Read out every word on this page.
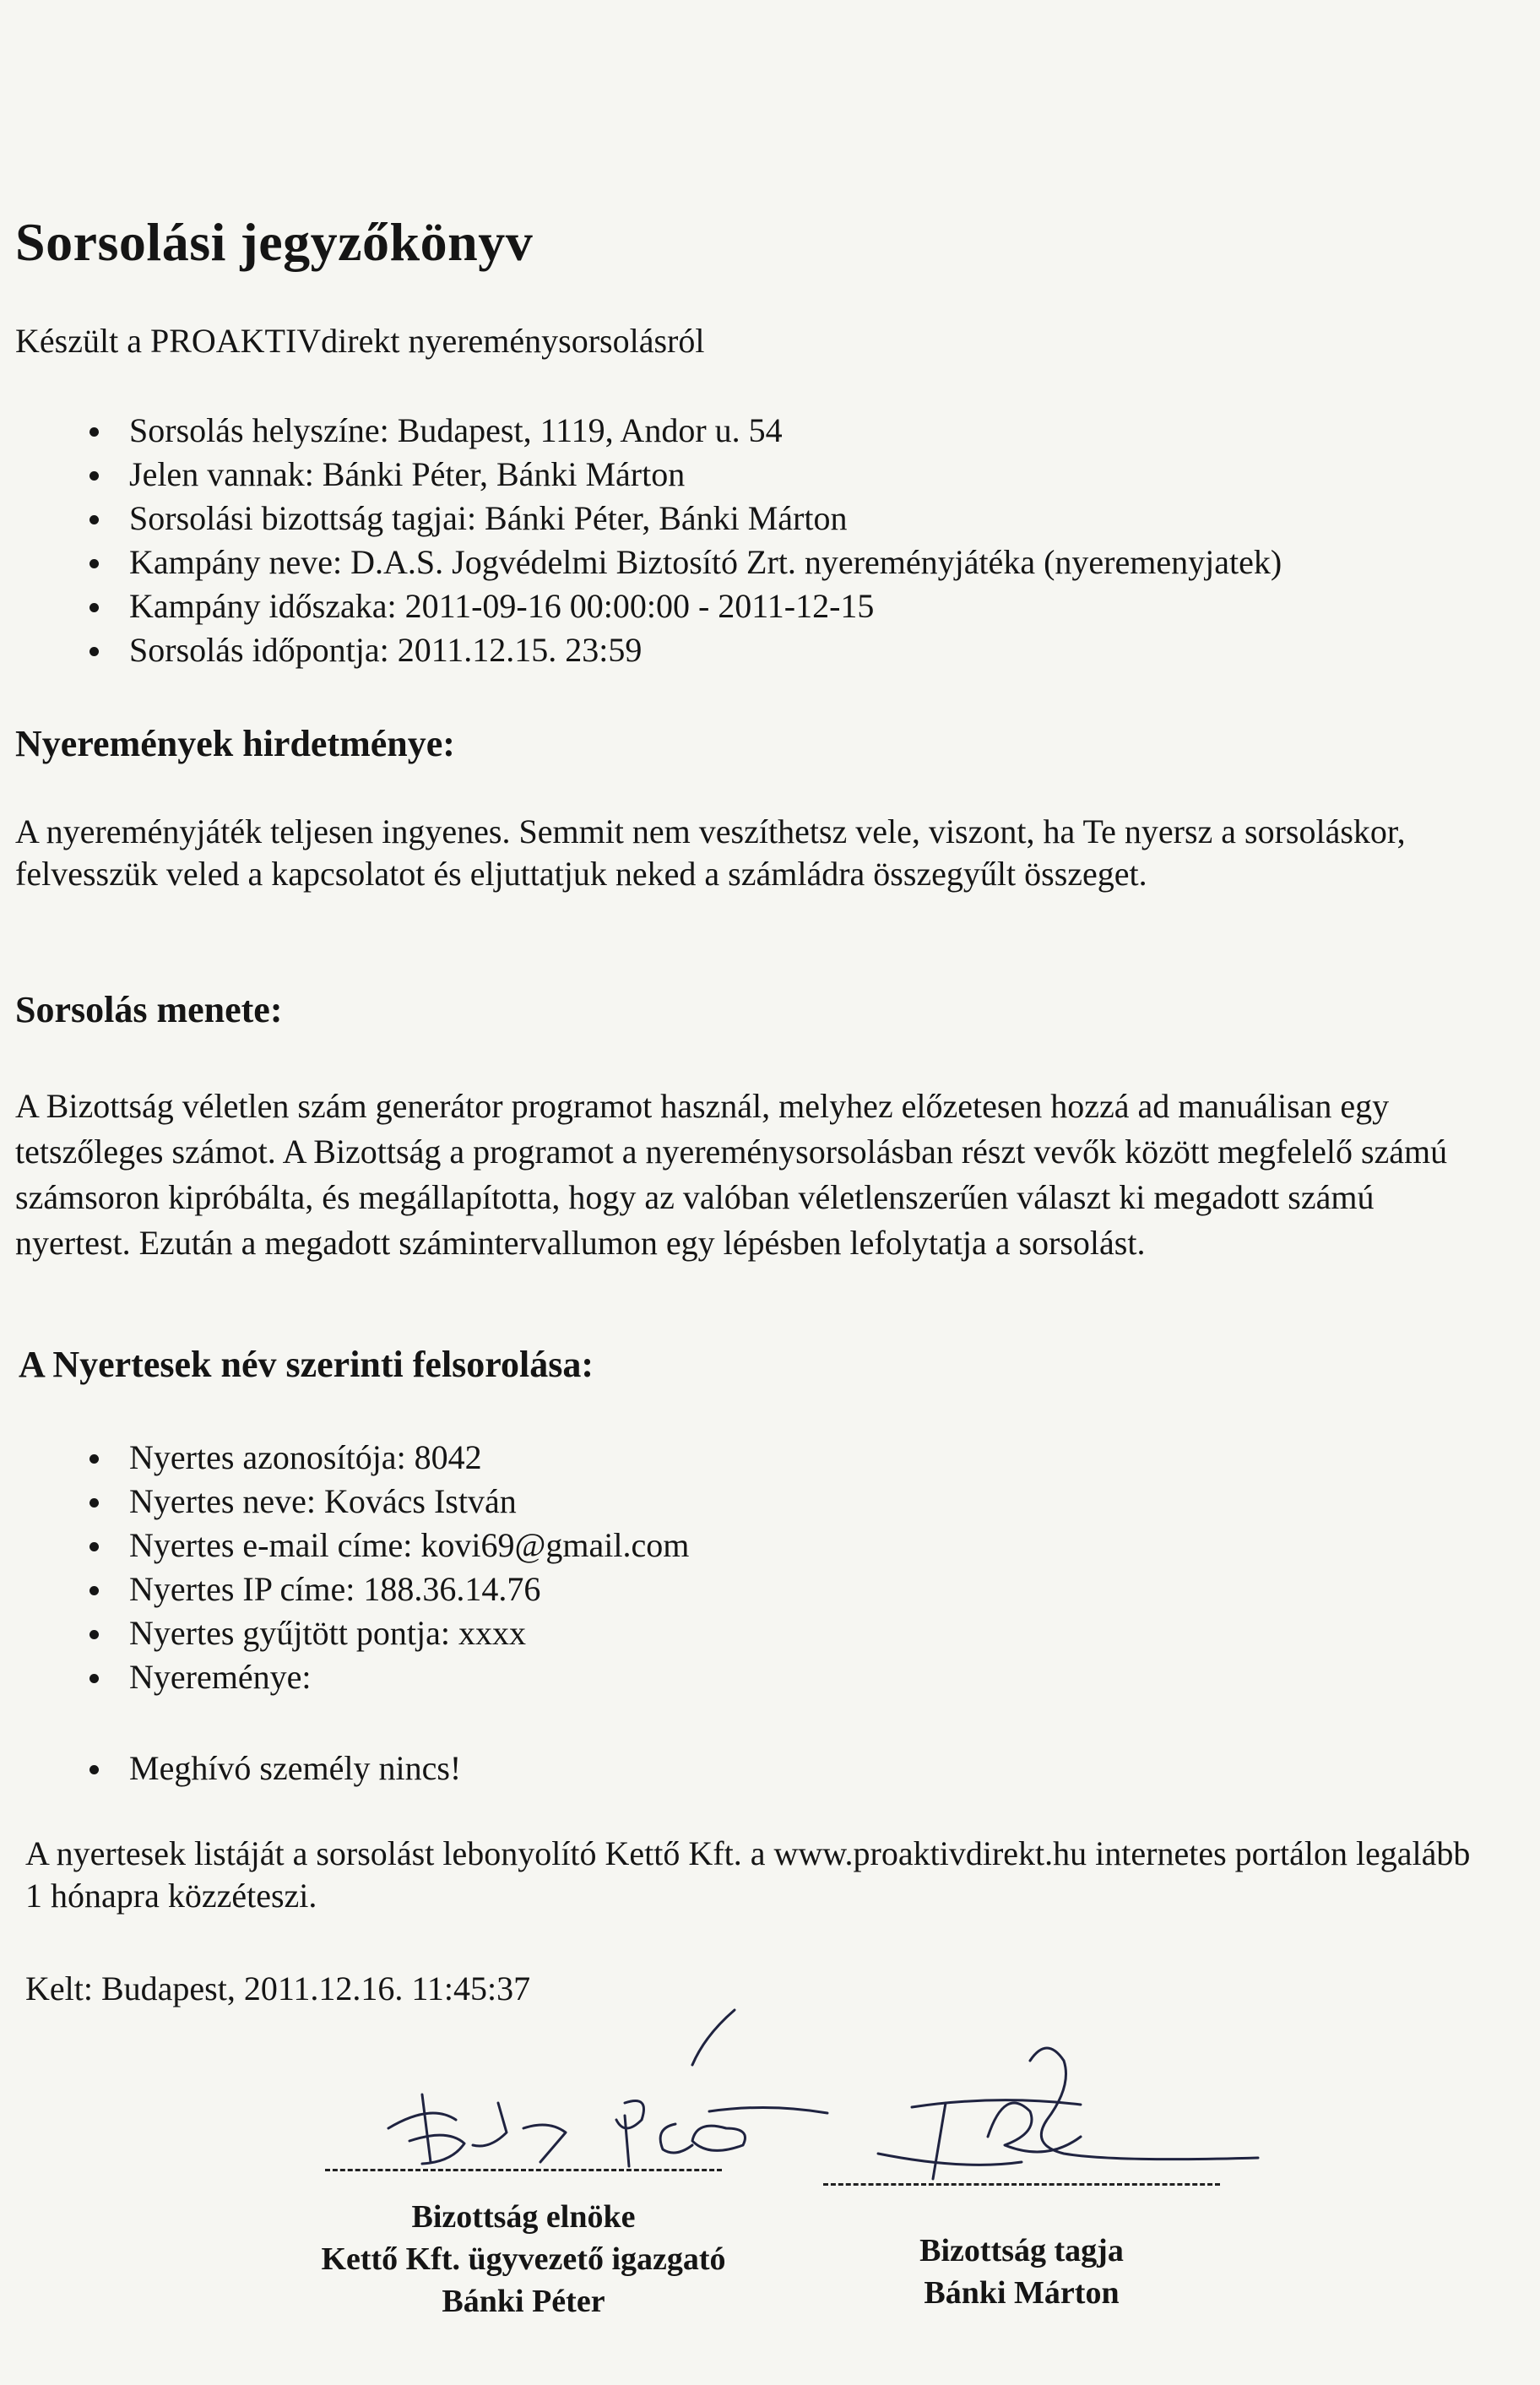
Sorsolási jegyzőkönyv

Készült a PROAKTIVdirekt nyereménysorsolásról

Sorsolás helyszíne: Budapest, 1119, Andor u. 54
Jelen vannak: Bánki Péter, Bánki Márton
Sorsolási bizottság tagjai: Bánki Péter, Bánki Márton
Kampány neve: D.A.S. Jogvédelmi Biztosító Zrt. nyereményjátéka (nyeremenyjatek)
Kampány időszaka: 2011-09-16 00:00:00 - 2011-12-15
Sorsolás időpontja: 2011.12.15. 23:59
Nyeremények hirdetménye:

A nyereményjáték teljesen ingyenes. Semmit nem veszíthetsz vele, viszont, ha Te nyersz a sorsoláskor, felvesszük veled a kapcsolatot és eljuttatjuk neked a számládra összegyűlt összeget.

Sorsolás menete:

A Bizottság véletlen szám generátor programot használ, melyhez előzetesen hozzá ad manuálisan egy tetszőleges számot. A Bizottság a programot a nyereménysorsolásban részt vevők között megfelelő számú számsoron kipróbálta, és megállapította, hogy az valóban véletlenszerűen választ ki megadott számú nyertest. Ezután a megadott számintervallumon egy lépésben lefolytatja a sorsolást.

A Nyertesek név szerinti felsorolása:
Nyertes azonosítója: 8042
Nyertes neve: Kovács István
Nyertes e-mail címe: kovi69@gmail.com
Nyertes IP címe: 188.36.14.76
Nyertes gyűjtött pontja: xxxx
Nyereménye:
Meghívó személy nincs!

A nyertesek listáját a sorsolást lebonyolító Kettő Kft. a www.proaktivdirekt.hu internetes portálon legalább 1 hónapra közzéteszi.

Kelt: Budapest, 2011.12.16. 11:45:37

Bizottság elnöke
Kettő Kft. ügyvezető igazgató
Bánki Péter
Bizottság tagja
Bánki Márton
